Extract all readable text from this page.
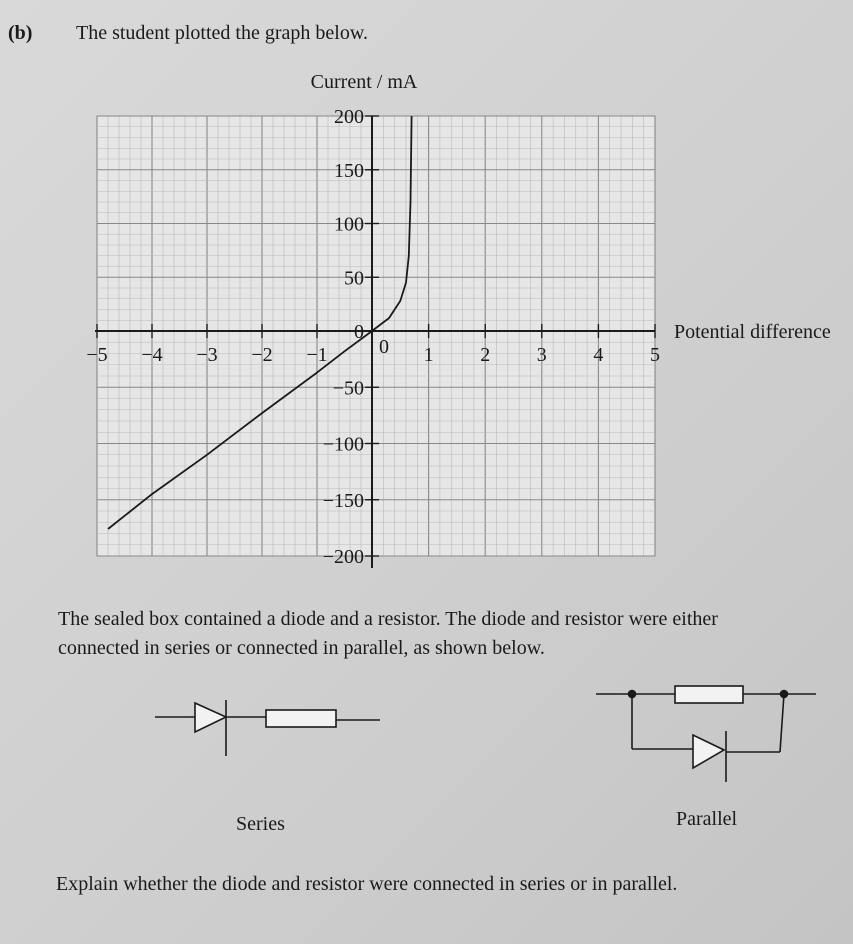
(b) The student plotted the graph below.
−5 −4 −3 −2 −1	1 2 3 4 5
0
200
150
100
50
0
−50
−100
−150
−200
Current / mA
Potential difference
The sealed box contained a diode and a resistor. The diode and resistor were either
connected in series or connected in parallel, as shown below.
Series	Parallel
Explain whether the diode and resistor were connected in series or in parallel.
